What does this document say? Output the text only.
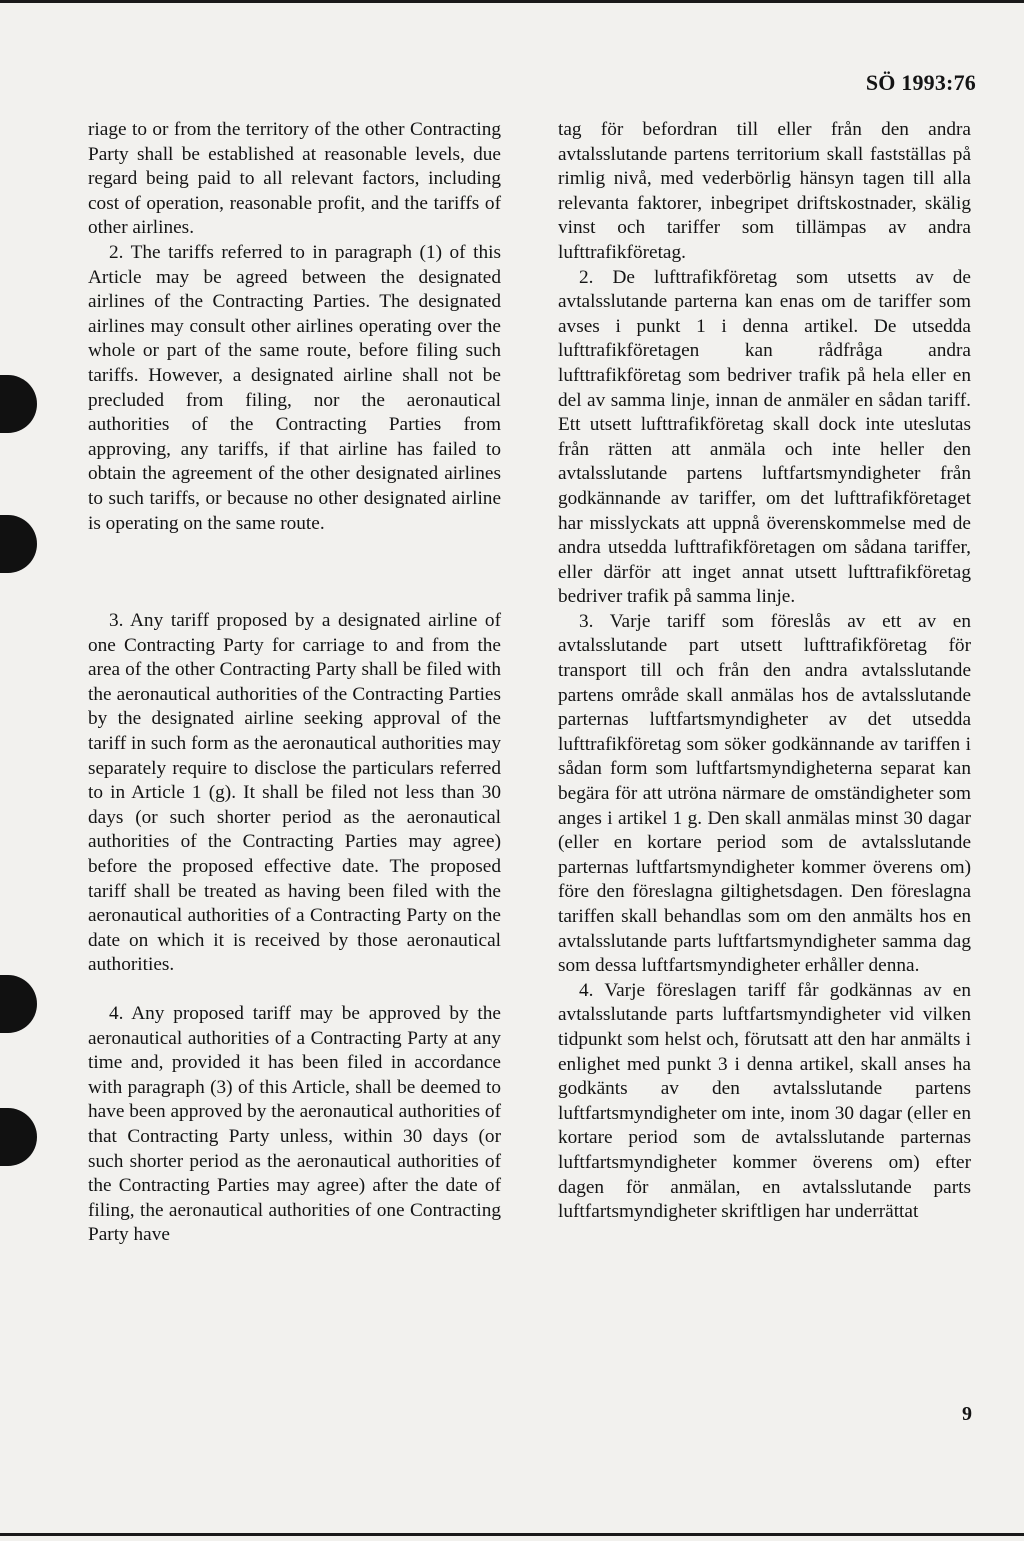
SÖ 1993:76

riage to or from the territory of the other Contracting Party shall be established at reasonable levels, due regard being paid to all relevant factors, including cost of operation, reasonable profit, and the tariffs of other airlines.

2. The tariffs referred to in paragraph (1) of this Article may be agreed between the designated airlines of the Contracting Parties. The designated airlines may consult other airlines operating over the whole or part of the same route, before filing such tariffs. However, a designated airline shall not be precluded from filing, nor the aeronautical authorities of the Contracting Parties from approving, any tariffs, if that airline has failed to obtain the agreement of the other designated airlines to such tariffs, or because no other designated airline is operating on the same route.

3. Any tariff proposed by a designated airline of one Contracting Party for carriage to and from the area of the other Contracting Party shall be filed with the aeronautical authorities of the Contracting Parties by the designated airline seeking approval of the tariff in such form as the aeronautical authorities may separately require to disclose the particulars referred to in Article 1 (g). It shall be filed not less than 30 days (or such shorter period as the aeronautical authorities of the Contracting Parties may agree) before the proposed effective date. The proposed tariff shall be treated as having been filed with the aeronautical authorities of a Contracting Party on the date on which it is received by those aeronautical authorities.

4. Any proposed tariff may be approved by the aeronautical authorities of a Contracting Party at any time and, provided it has been filed in accordance with paragraph (3) of this Article, shall be deemed to have been approved by the aeronautical authorities of that Contracting Party unless, within 30 days (or such shorter period as the aeronautical authorities of the Contracting Parties may agree) after the date of filing, the aeronautical authorities of one Contracting Party have

tag för befordran till eller från den andra avtalsslutande partens territorium skall fastställas på rimlig nivå, med vederbörlig hänsyn tagen till alla relevanta faktorer, inbegripet driftskostnader, skälig vinst och tariffer som tillämpas av andra lufttrafikföretag.

2. De lufttrafikföretag som utsetts av de avtalsslutande parterna kan enas om de tariffer som avses i punkt 1 i denna artikel. De utsedda lufttrafikföretagen kan rådfråga andra lufttrafikföretag som bedriver trafik på hela eller en del av samma linje, innan de anmäler en sådan tariff. Ett utsett lufttrafikföretag skall dock inte uteslutas från rätten att anmäla och inte heller den avtalsslutande partens luftfartsmyndigheter från godkännande av tariffer, om det lufttrafikföretaget har misslyckats att uppnå överenskommelse med de andra utsedda lufttrafikföretagen om sådana tariffer, eller därför att inget annat utsett lufttrafikföretag bedriver trafik på samma linje.

3. Varje tariff som föreslås av ett av en avtalsslutande part utsett lufttrafikföretag för transport till och från den andra avtalsslutande partens område skall anmälas hos de avtalsslutande parternas luftfartsmyndigheter av det utsedda lufttrafikföretag som söker godkännande av tariffen i sådan form som luftfartsmyndigheterna separat kan begära för att utröna närmare de omständigheter som anges i artikel 1 g. Den skall anmälas minst 30 dagar (eller en kortare period som de avtalsslutande parternas luftfartsmyndigheter kommer överens om) före den föreslagna giltighetsdagen. Den föreslagna tariffen skall behandlas som om den anmälts hos en avtalsslutande parts luftfartsmyndigheter samma dag som dessa luftfartsmyndigheter erhåller denna.

4. Varje föreslagen tariff får godkännas av en avtalsslutande parts luftfartsmyndigheter vid vilken tidpunkt som helst och, förutsatt att den har anmälts i enlighet med punkt 3 i denna artikel, skall anses ha godkänts av den avtalsslutande partens luftfartsmyndigheter om inte, inom 30 dagar (eller en kortare period som de avtalsslutande parternas luftfartsmyndigheter kommer överens om) efter dagen för anmälan, en avtalsslutande parts luftfartsmyndigheter skriftligen har underrättat

9
